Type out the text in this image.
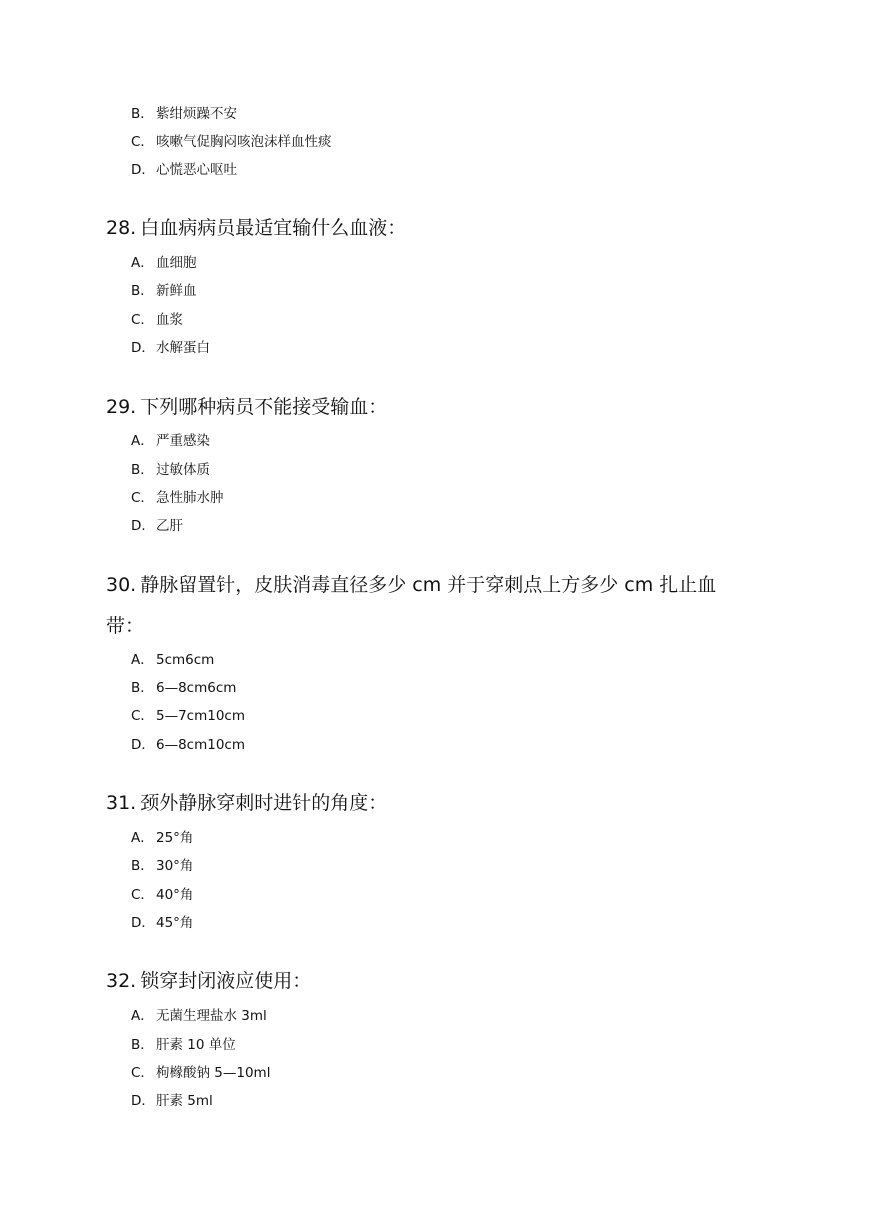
B． 紫绀烦躁不安
C． 咳嗽气促胸闷咳泡沫样血性痰
D．心慌恶心呕吐
28. 白血病病员最适宜输什么血液：
A． 血细胞
B． 新鲜血
C． 血浆
D．水解蛋白
29. 下列哪种病员不能接受输血：
A． 严重感染
B． 过敏体质
C． 急性肺水肿
D．乙肝
30. 静脉留置针，皮肤消毒直径多少 cm 并于穿刺点上方多少 cm 扎止血
带：
A． 5cm6cm
B． 6—8cm6cm
C． 5—7cm10cm
D．6—8cm10cm
31. 颈外静脉穿刺时进针的角度：
A． 25°角
B． 30°角
C． 40°角
D．45°角
32. 锁穿封闭液应使用：
A． 无菌生理盐水 3ml
B． 肝素 10 单位
C． 枸橼酸钠 5—10ml
D．肝素 5ml
